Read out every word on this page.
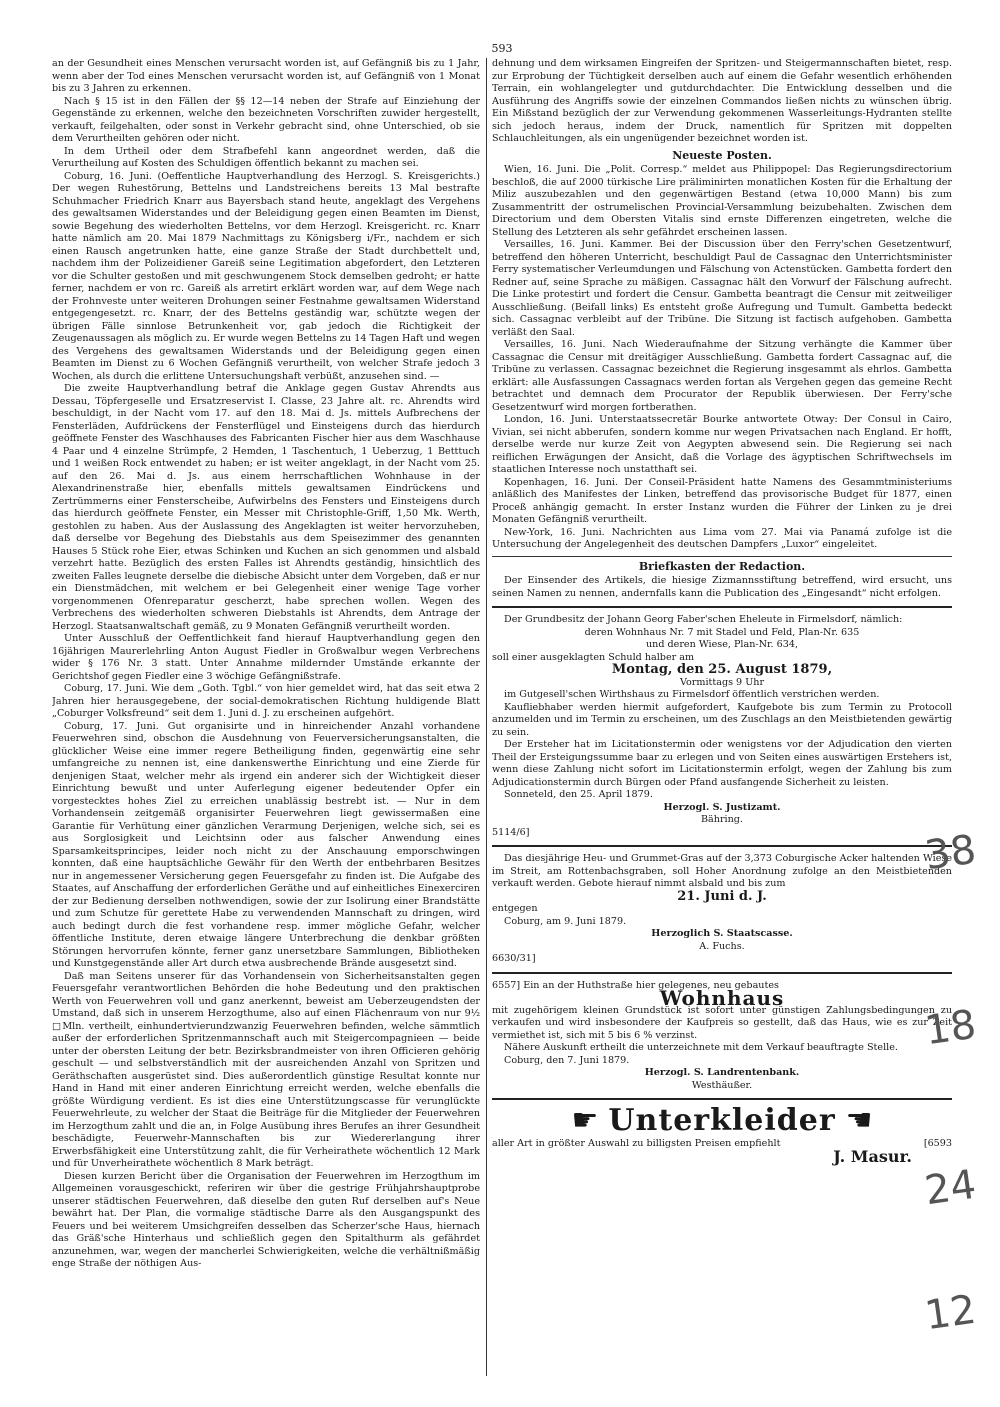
593

an der Gesundheit eines Menschen verursacht worden ist, auf Gefängniß bis zu 1 Jahr, wenn aber der Tod eines Menschen verursacht worden ist, auf Gefängniß von 1 Monat bis zu 3 Jahren zu erkennen.

Nach § 15 ist in den Fällen der §§ 12—14 neben der Strafe auf Einziehung der Gegenstände zu erkennen, welche den bezeichneten Vorschriften zuwider hergestellt, verkauft, feilgehalten, oder sonst in Verkehr gebracht sind, ohne Unterschied, ob sie dem Verurtheilten gehören oder nicht.

In dem Urtheil oder dem Strafbefehl kann angeordnet werden, daß die Verurtheilung auf Kosten des Schuldigen öffentlich bekannt zu machen sei.

Coburg, 16. Juni. (Oeffentliche Hauptverhandlung des Herzogl. S. Kreisgerichts.) Der wegen Ruhestörung, Bettelns und Landstreichens bereits 13 Mal bestrafte Schuhmacher Friedrich Knarr aus Bayersbach stand heute, angeklagt des Vergehens des gewaltsamen Widerstandes und der Beleidigung gegen einen Beamten im Dienst, sowie Begehung des wiederholten Bettelns, vor dem Herzogl. Kreisgericht. rc. Knarr hatte nämlich am 20. Mai 1879 Nachmittags zu Königsberg i/Fr., nachdem er sich einen Rausch angetrunken hatte, eine ganze Straße der Stadt durchbettelt und, nachdem ihm der Polizeidiener Gareiß seine Legitimation abgefordert, den Letzteren vor die Schulter gestoßen und mit geschwungenem Stock demselben gedroht; er hatte ferner, nachdem er von rc. Gareiß als arretirt erklärt worden war, auf dem Wege nach der Frohnveste unter weiteren Drohungen seiner Festnahme gewaltsamen Widerstand entgegengesetzt. rc. Knarr, der des Bettelns geständig war, schützte wegen der übrigen Fälle sinnlose Betrunkenheit vor, gab jedoch die Richtigkeit der Zeugenaussagen als möglich zu. Er wurde wegen Bettelns zu 14 Tagen Haft und wegen des Vergehens des gewaltsamen Widerstands und der Beleidigung gegen einen Beamten im Dienst zu 6 Wochen Gefängniß verurtheilt, von welcher Strafe jedoch 3 Wochen, als durch die erlittene Untersuchungshaft verbüßt, anzusehen sind. —

Die zweite Hauptverhandlung betraf die Anklage gegen Gustav Ahrendts aus Dessau, Töpfergeselle und Ersatzreservist I. Classe, 23 Jahre alt. rc. Ahrendts wird beschuldigt, in der Nacht vom 17. auf den 18. Mai d. Js. mittels Aufbrechens der Fensterläden, Aufdrückens der Fensterflügel und Einsteigens durch das hierdurch geöffnete Fenster des Waschhauses des Fabricanten Fischer hier aus dem Waschhause 4 Paar und 4 einzelne Strümpfe, 2 Hemden, 1 Taschentuch, 1 Ueberzug, 1 Betttuch und 1 weißen Rock entwendet zu haben; er ist weiter angeklagt, in der Nacht vom 25. auf den 26. Mai d. Js. aus einem herrschaftlichen Wohnhause in der Alexandrinenstraße hier, ebenfalls mittels gewaltsamen Eindrückens und Zertrümmerns einer Fensterscheibe, Aufwirbelns des Fensters und Einsteigens durch das hierdurch geöffnete Fenster, ein Messer mit Christophle-Griff, 1,50 Mk. Werth, gestohlen zu haben. Aus der Auslassung des Angeklagten ist weiter hervorzuheben, daß derselbe vor Begehung des Diebstahls aus dem Speisezimmer des genannten Hauses 5 Stück rohe Eier, etwas Schinken und Kuchen an sich genommen und alsbald verzehrt hatte. Bezüglich des ersten Falles ist Ahrendts geständig, hinsichtlich des zweiten Falles leugnete derselbe die diebische Absicht unter dem Vorgeben, daß er nur ein Dienstmädchen, mit welchem er bei Gelegenheit einer wenige Tage vorher vorgenommenen Ofenreparatur gescherzt, habe sprechen wollen. Wegen des Verbrechens des wiederholten schweren Diebstahls ist Ahrendts, dem Antrage der Herzogl. Staatsanwaltschaft gemäß, zu 9 Monaten Gefängniß verurtheilt worden.

Unter Ausschluß der Oeffentlichkeit fand hierauf Hauptverhandlung gegen den 16jährigen Maurerlehrling Anton August Fiedler in Großwalbur wegen Verbrechens wider § 176 Nr. 3 statt. Unter Annahme mildernder Umstände erkannte der Gerichtshof gegen Fiedler eine 3 wöchige Gefängnißstrafe.

Coburg, 17. Juni. Wie dem „Goth. Tgbl.“ von hier gemeldet wird, hat das seit etwa 2 Jahren hier herausgegebene, der social-demokratischen Richtung huldigende Blatt „Coburger Volksfreund“ seit dem 1. Juni d. J. zu erscheinen aufgehört.

Coburg, 17. Juni. Gut organisirte und in hinreichender Anzahl vorhandene Feuerwehren sind, obschon die Ausdehnung von Feuerversicherungsanstalten, die glücklicher Weise eine immer regere Betheiligung finden, gegenwärtig eine sehr umfangreiche zu nennen ist, eine dankenswerthe Einrichtung und eine Zierde für denjenigen Staat, welcher mehr als irgend ein anderer sich der Wichtigkeit dieser Einrichtung bewußt und unter Auferlegung eigener bedeutender Opfer ein vorgestecktes hohes Ziel zu erreichen unablässig bestrebt ist. — Nur in dem Vorhandensein zeitgemäß organisirter Feuerwehren liegt gewissermaßen eine Garantie für Verhütung einer gänzlichen Verarmung Derjenigen, welche sich, sei es aus Sorglosigkeit und Leichtsinn oder aus falscher Anwendung eines Sparsamkeitsprincipes, leider noch nicht zu der Anschauung emporschwingen konnten, daß eine hauptsächliche Gewähr für den Werth der entbehrbaren Besitzes nur in angemessener Versicherung gegen Feuersgefahr zu finden ist. Die Aufgabe des Staates, auf Anschaffung der erforderlichen Geräthe und auf einheitliches Einexerciren der zur Bedienung derselben nothwendigen, sowie der zur Isolirung einer Brandstätte und zum Schutze für gerettete Habe zu verwendenden Mannschaft zu dringen, wird auch bedingt durch die fest vorhandene resp. immer mögliche Gefahr, welcher öffentliche Institute, deren etwaige längere Unterbrechung die denkbar größten Störungen hervorrufen könnte, ferner ganz unersetzbare Sammlungen, Bibliotheken und Kunstgegenstände aller Art durch etwa ausbrechende Brände ausgesetzt sind.

Daß man Seitens unserer für das Vorhandensein von Sicherheitsanstalten gegen Feuersgefahr verantwortlichen Behörden die hohe Bedeutung und den praktischen Werth von Feuerwehren voll und ganz anerkennt, beweist am Ueberzeugendsten der Umstand, daß sich in unserem Herzogthume, also auf einen Flächenraum von nur 9½ □Mln. vertheilt, einhundertvierundzwanzig Feuerwehren befinden, welche sämmtlich außer der erforderlichen Spritzenmannschaft auch mit Steigercompagnieen — beide unter der obersten Leitung der betr. Bezirksbrandmeister von ihren Officieren gehörig geschult — und selbstverständlich mit der ausreichenden Anzahl von Spritzen und Geräthschaften ausgerüstet sind. Dies außerordentlich günstige Resultat konnte nur Hand in Hand mit einer anderen Einrichtung erreicht werden, welche ebenfalls die größte Würdigung verdient. Es ist dies eine Unterstützungscasse für verunglückte Feuerwehrleute, zu welcher der Staat die Beiträge für die Mitglieder der Feuerwehren im Herzogthum zahlt und die an, in Folge Ausübung ihres Berufes an ihrer Gesundheit beschädigte, Feuerwehr-Mannschaften bis zur Wiedererlangung ihrer Erwerbsfähigkeit eine Unterstützung zahlt, die für Verheirathete wöchentlich 12 Mark und für Unverheirathete wöchentlich 8 Mark beträgt.

Diesen kurzen Bericht über die Organisation der Feuerwehren im Herzogthum im Allgemeinen vorausgeschickt, referiren wir über die gestrige Frühjahrshauptprobe unserer städtischen Feuerwehren, daß dieselbe den guten Ruf derselben auf's Neue bewährt hat. Der Plan, die vormalige städtische Darre als den Ausgangspunkt des Feuers und bei weiterem Umsichgreifen desselben das Scherzer'sche Haus, hiernach das Gräß'sche Hinterhaus und schließlich gegen den Spitalthurm als gefährdet anzunehmen, war, wegen der mancherlei Schwierigkeiten, welche die verhältnißmäßig enge Straße der nöthigen Aus-

dehnung und dem wirksamen Eingreifen der Spritzen- und Steigermannschaften bietet, resp. zur Erprobung der Tüchtigkeit derselben auch auf einem die Gefahr wesentlich erhöhenden Terrain, ein wohlangelegter und gutdurchdachter. Die Entwicklung desselben und die Ausführung des Angriffs sowie der einzelnen Commandos ließen nichts zu wünschen übrig. Ein Mißstand bezüglich der zur Verwendung gekommenen Wasserleitungs-Hydranten stellte sich jedoch heraus, indem der Druck, namentlich für Spritzen mit doppelten Schlauchleitungen, als ein ungenügender bezeichnet worden ist.

Neueste Posten.

Wien, 16. Juni. Die „Polit. Corresp.“ meldet aus Philippopel: Das Regierungsdirectorium beschloß, die auf 2000 türkische Lire präliminirten monatlichen Kosten für die Erhaltung der Miliz auszubezahlen und den gegenwärtigen Bestand (etwa 10,000 Mann) bis zum Zusammentritt der ostrumelischen Provincial-Versammlung beizubehalten. Zwischen dem Directorium und dem Obersten Vitalis sind ernste Differenzen eingetreten, welche die Stellung des Letzteren als sehr gefährdet erscheinen lassen.

Versailles, 16. Juni. Kammer. Bei der Discussion über den Ferry'schen Gesetzentwurf, betreffend den höheren Unterricht, beschuldigt Paul de Cassagnac den Unterrichtsminister Ferry systematischer Verleumdungen und Fälschung von Actenstücken. Gambetta fordert den Redner auf, seine Sprache zu mäßigen. Cassagnac hält den Vorwurf der Fälschung aufrecht. Die Linke protestirt und fordert die Censur. Gambetta beantragt die Censur mit zeitweiliger Ausschließung. (Beifall links) Es entsteht große Aufregung und Tumult. Gambetta bedeckt sich. Cassagnac verbleibt auf der Tribüne. Die Sitzung ist factisch aufgehoben. Gambetta verläßt den Saal.

Versailles, 16. Juni. Nach Wiederaufnahme der Sitzung verhängte die Kammer über Cassagnac die Censur mit dreitägiger Ausschließung. Gambetta fordert Cassagnac auf, die Tribüne zu verlassen. Cassagnac bezeichnet die Regierung insgesammt als ehrlos. Gambetta erklärt: alle Ausfassungen Cassagnacs werden fortan als Vergehen gegen das gemeine Recht betrachtet und demnach dem Procurator der Republik überwiesen. Der Ferry'sche Gesetzentwurf wird morgen fortberathen.

London, 16. Juni. Unterstaatssecretär Bourke antwortete Otway: Der Consul in Cairo, Vivian, sei nicht abberufen, sondern komme nur wegen Privatsachen nach England. Er hofft, derselbe werde nur kurze Zeit von Aegypten abwesend sein. Die Regierung sei nach reiflichen Erwägungen der Ansicht, daß die Vorlage des ägyptischen Schriftwechsels im staatlichen Interesse noch unstatthaft sei.

Kopenhagen, 16. Juni. Der Conseil-Präsident hatte Namens des Gesammtministeriums anläßlich des Manifestes der Linken, betreffend das provisorische Budget für 1877, einen Proceß anhängig gemacht. In erster Instanz wurden die Führer der Linken zu je drei Monaten Gefängniß verurtheilt.

New-York, 16. Juni. Nachrichten aus Lima vom 27. Mai via Panamá zufolge ist die Untersuchung der Angelegenheit des deutschen Dampfers „Luxor“ eingeleitet.

Briefkasten der Redaction.

Der Einsender des Artikels, die hiesige Zizmannsstiftung betreffend, wird ersucht, uns seinen Namen zu nennen, andernfalls kann die Publication des „Eingesandt“ nicht erfolgen.

Der Grundbesitz der Johann Georg Faber'schen Eheleute in Firmelsdorf, nämlich:

deren Wohnhaus Nr. 7 mit Stadel und Feld, Plan-Nr. 635

und deren Wiese, Plan-Nr. 634,

soll einer ausgeklagten Schuld halber am

Montag, den 25. August 1879,

Vormittags 9 Uhr

im Gutgesell'schen Wirthshaus zu Firmelsdorf öffentlich verstrichen werden.

Kaufliebhaber werden hiermit aufgefordert, Kaufgebote bis zum Termin zu Protocoll anzumelden und im Termin zu erscheinen, um des Zuschlags an den Meistbietenden gewärtig zu sein.

Der Ersteher hat im Licitationstermin oder wenigstens vor der Adjudication den vierten Theil der Ersteigungssumme baar zu erlegen und von Seiten eines auswärtigen Erstehers ist, wenn diese Zahlung nicht sofort im Licitationstermin erfolgt, wegen der Zahlung bis zum Adjudicationstermin durch Bürgen oder Pfand ausfangende Sicherheit zu leisten.

Sonneteld, den 25. April 1879.

Herzogl. S. Justizamt.

Bähring.

5114/6]

Das diesjährige Heu- und Grummet-Gras auf der 3,373 Coburgische Acker haltenden Wiese im Streit, am Rottenbachsgraben, soll Hoher Anordnung zufolge an den Meistbietenden verkauft werden. Gebote hierauf nimmt alsbald und bis zum

21. Juni d. J.

entgegen

Coburg, am 9. Juni 1879.

Herzoglich S. Staatscasse.

A. Fuchs.

6630/31]

6557] Ein an der Huthstraße hier gelegenes, neu gebautes

Wohnhaus

mit zugehörigem kleinen Grundstück ist sofort unter günstigen Zahlungsbedingungen zu verkaufen und wird insbesondere der Kaufpreis so gestellt, daß das Haus, wie es zur Zeit vermiethet ist, sich mit 5 bis 6 % verzinst.

Nähere Auskunft ertheilt die unterzeichnete mit dem Verkauf beauftragte Stelle.

Coburg, den 7. Juni 1879.

Herzogl. S. Landrentenbank.

Westhäußer.

☛ Unterkleider ☚

aller Art in größter Auswahl zu billigsten Preisen empfiehlt	[6593

J. Masur.

38
18
24
12
